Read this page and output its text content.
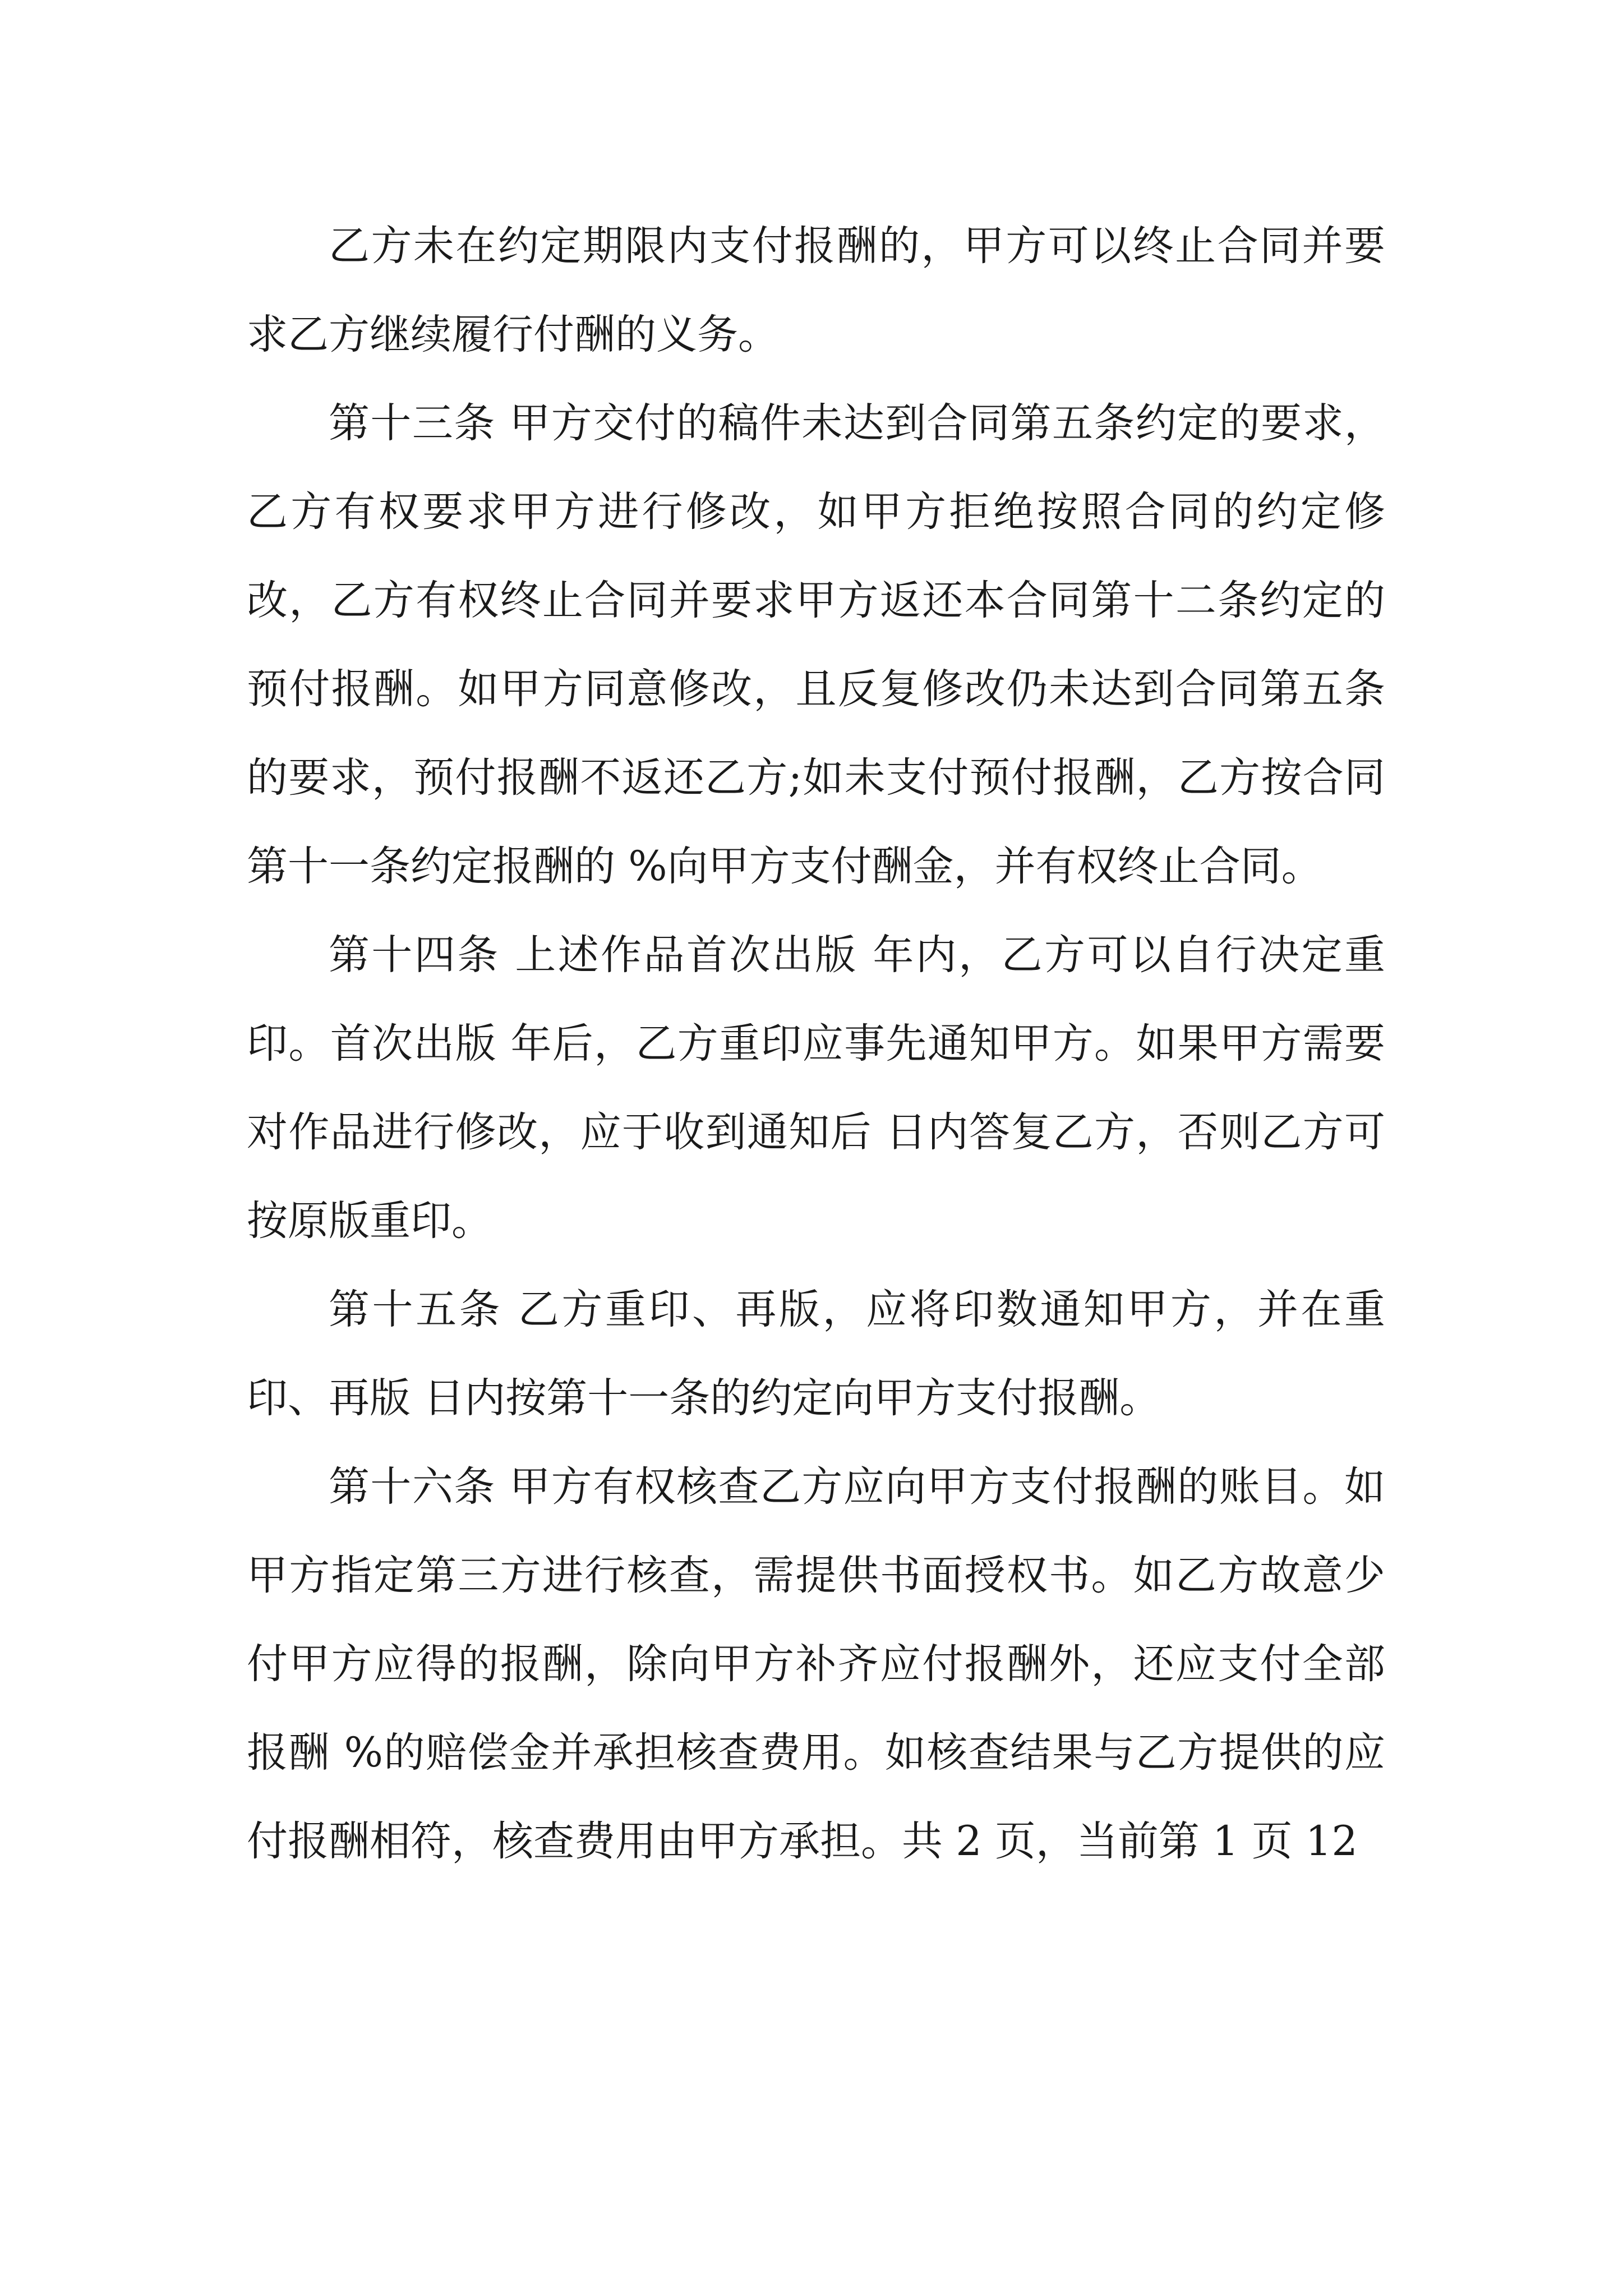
乙方未在约定期限内支付报酬的，甲方可以终止合同并要求乙方继续履行付酬的义务。

第十三条 甲方交付的稿件未达到合同第五条约定的要求，乙方有权要求甲方进行修改，如甲方拒绝按照合同的约定修改，乙方有权终止合同并要求甲方返还本合同第十二条约定的预付报酬。如甲方同意修改，且反复修改仍未达到合同第五条的要求，预付报酬不返还乙方;如未支付预付报酬，乙方按合同第十一条约定报酬的 %向甲方支付酬金，并有权终止合同。

第十四条 上述作品首次出版 年内，乙方可以自行决定重印。首次出版 年后，乙方重印应事先通知甲方。如果甲方需要对作品进行修改，应于收到通知后 日内答复乙方，否则乙方可按原版重印。

第十五条 乙方重印、再版，应将印数通知甲方，并在重印、再版 日内按第十一条的约定向甲方支付报酬。

第十六条 甲方有权核查乙方应向甲方支付报酬的账目。如甲方指定第三方进行核查，需提供书面授权书。如乙方故意少付甲方应得的报酬，除向甲方补齐应付报酬外，还应支付全部报酬 %的赔偿金并承担核查费用。如核查结果与乙方提供的应付报酬相符，核查费用由甲方承担。共 2 页，当前第 1 页 12
